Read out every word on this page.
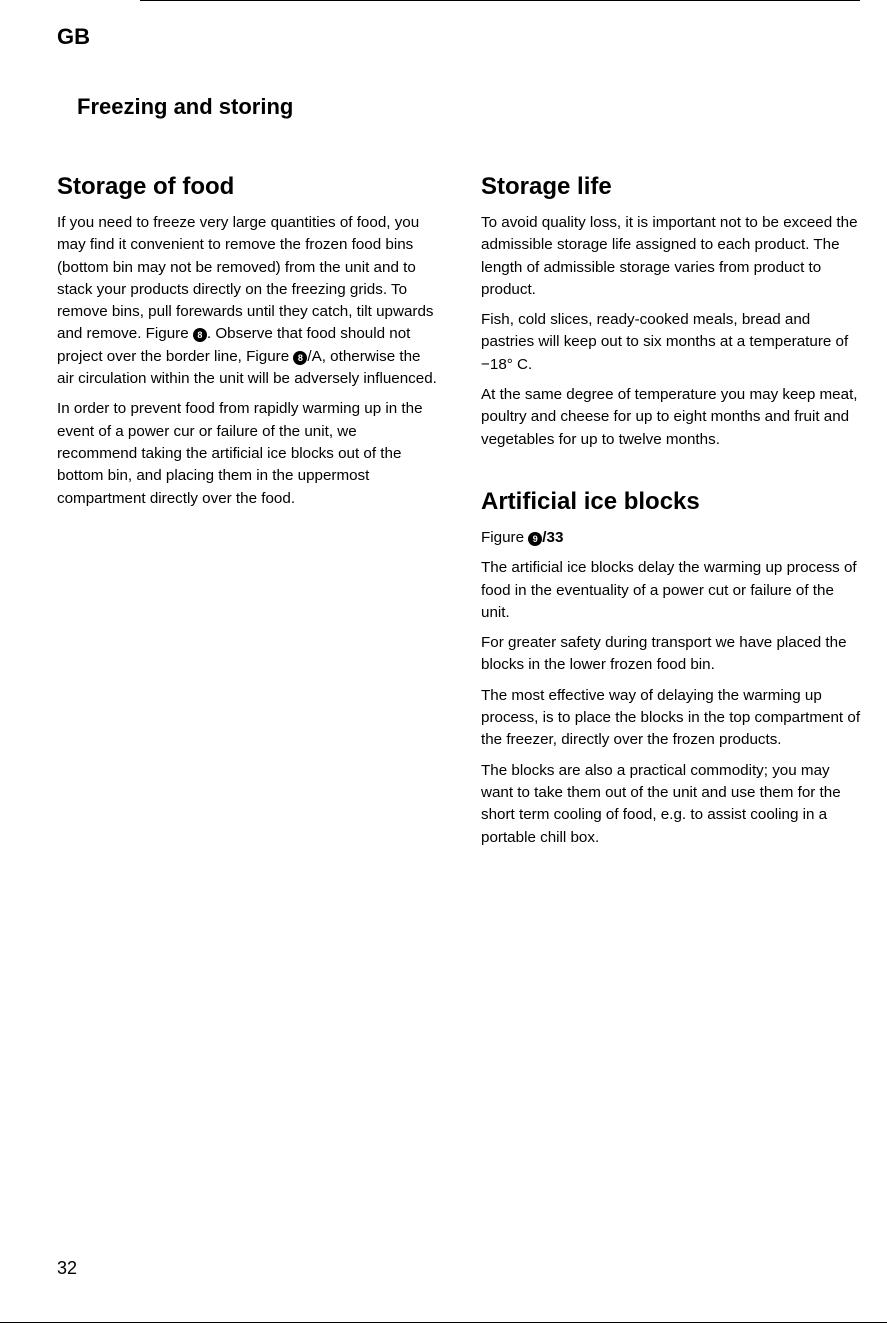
GB
Freezing and storing
Storage of food

If you need to freeze very large quantities of food, you may find it convenient to remove the frozen food bins (bottom bin may not be removed) from the unit and to stack your products directly on the freezing grids. To remove bins, pull forewards until they catch, tilt upwards and remove. Figure 8 . Observe that food should not project over the border line, Figure 8 /A, otherwise the air circulation within the unit will be adversely influenced.

In order to prevent food from rapidly warming up in the event of a power cur or failure of the unit, we recommend taking the artificial ice blocks out of the bottom bin, and placing them in the uppermost compartment directly over the food.

Storage life

To avoid quality loss, it is important not to be exceed the admissible storage life assigned to each product. The length of admissible storage varies from product to product.

Fish, cold slices, ready-cooked meals, bread and pastries will keep out to six months at a temperature of −18° C.

At the same degree of temperature you may keep meat, poultry and cheese for up to eight months and fruit and vegetables for up to twelve months.

Artificial ice blocks
Figure 9 /33

The artificial ice blocks delay the warming up process of food in the eventuality of a power cut or failure of the unit.

For greater safety during transport we have placed the blocks in the lower frozen food bin.

The most effective way of delaying the warming up process, is to place the blocks in the top compartment of the freezer, directly over the frozen products.

The blocks are also a practical commodity; you may want to take them out of the unit and use them for the short term cooling of food, e.g. to assist cooling in a portable chill box.

32
